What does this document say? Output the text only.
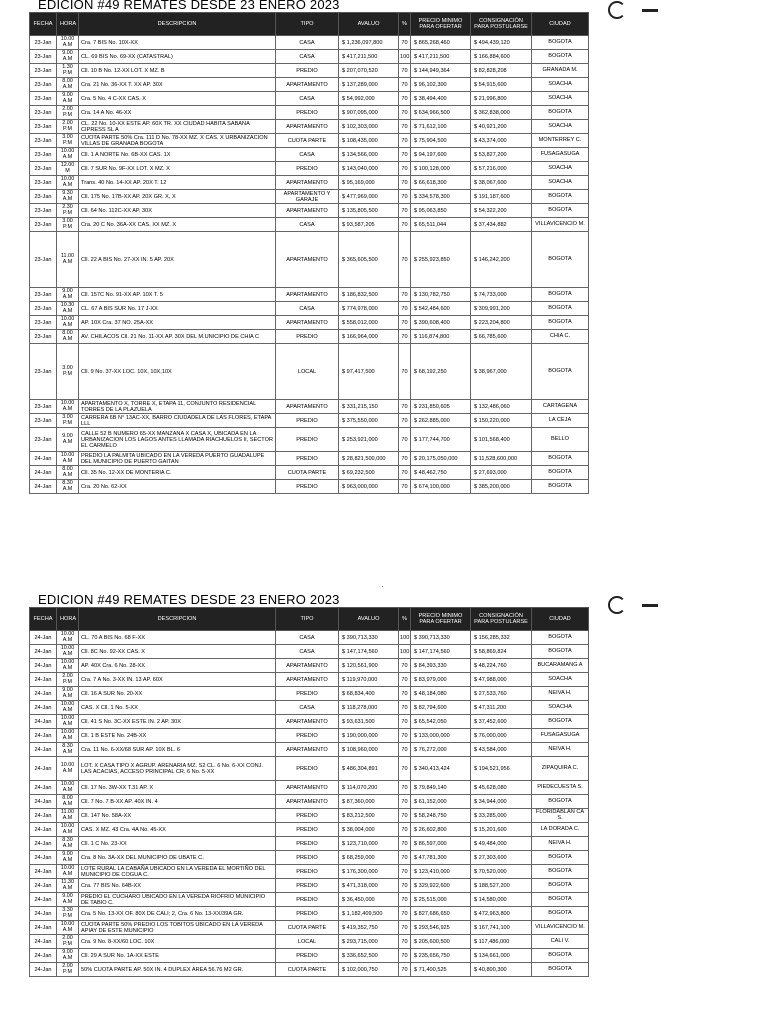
EDICION #49 REMATES DESDE 23 ENERO 2023
FECHA	HORA	DESCRIPCION	TIPO	AVALUO	%	PRECIO MINIMO PARA OFERTAR	CONSIGNACIÓN PARA POSTULARSE	CIUDAD
23-Jan	10.00 A.M	Cra. 7 BIS No. 10X-XX	CASA	$ 1,236,097,800	70	$ 865,268,460	$ 494,439,120	BOGOTA
23-Jan	9.00 A.M	CL. 69 BIS No. 69-XX (CATASTRAL)	CASA	$ 417,211,500	100	$ 417,211,500	$ 166,884,600	BOGOTA
23-Jan	1.30 P.M	Cll. 10 B No. 12-XX LOT. X MZ. B	PREDIO	$ 207,070,520	70	$ 144,949,364	$ 82,828,208	GRANADA M.
23-Jan	8.00 A.M	Cra. 21 No. 36-XX T. XX AP. 30X	APARTAMENTO	$ 137,289,000	70	$ 96,102,300	$ 54,915,600	SOACHA
23-Jan	9.00 A.M	Cra. 5 No. 4 C-XX CAS. X	CASA	$ 54,992,000	70	$ 38,494,400	$ 21,996,800	SOACHA
23-Jan	2.00 P.M	Cra. 14 A No. 46-XX	PREDIO	$ 907,095,000	70	$ 634,966,500	$ 362,838,000	BOGOTA
23-Jan	2.00 P.M	CL. 22 No. 10-XX ESTE AP. 60X TR. XX CIUDAD HABITA SABANA CIPRESS SL A	APARTAMENTO	$ 102,303,000	70	$ 71,612,100	$ 40,921,200	SOACHA
23-Jan	3.00 P.M	CUOTA PARTE 50% Cra. 111 D No. 78-XX MZ. X CAS. X URBANIZACION VILLAS DE GRANADA BOGOTA	CUOTA PARTE	$ 108,435,000	70	$ 75,904,500	$ 43,374,000	MONTERREY C.
23-Jan	10.00 A.M	Cll. 1 A NORTE No. 6B-XX CAS. 1X	CASA	$ 134,566,000	70	$ 94,197,600	$ 53,827,200	FUSAGASUGA
23-Jan	12.00 M	Cll. 7 SUR No. 9F-XX LOT. X MZ. X	PREDIO	$ 143,040,000	70	$ 100,128,000	$ 57,216,000	SOACHA
23-Jan	10.00 A.M	Trans. 40 No. 14-XX AP. 20X T. 12	APARTAMENTO	$ 95,169,000	70	$ 66,618,300	$ 38,067,600	SOACHA
23-Jan	9.30 A.M	Cll. 175 No. 17B-XX AP. 20X GR. X, X	APARTAMENTO Y GARAJE	$ 477,969,000	70	$ 334,578,300	$ 191,187,600	BOGOTA
23-Jan	2.30 P.M	Cll. 64 No. 112C-XX AP. 30X	APARTAMENTO	$ 135,805,500	70	$ 95,063,850	$ 54,322,200	BOGOTA
23-Jan	3.00 P.M	Cra. 20 C No. 36A-XX CAS. XX MZ. X	CASA	$ 93,587,205	70	$ 65,511,044	$ 37,434,882	VILLAVICENCIO M.
23-Jan	11.00 A.M	Cll. 22 A BIS No. 27-XX IN. 5 AP. 20X	APARTAMENTO	$ 365,605,500	70	$ 255,923,850	$ 146,242,200	BOGOTA
23-Jan	9.00 A.M	Cll. 157C No. 91-XX AP. 10X T. 5	APARTAMENTO	$ 186,832,500	70	$ 130,782,750	$ 74,733,000	BOGOTA
23-Jan	10.30 A.M	CL. 67 A BIS SUR No. 17 J-XX	CASA	$ 774,978,000	70	$ 542,484,600	$ 309,991,200	BOGOTA
23-Jan	10.00 A.M	AP. 10X Cra. 37 NO. 25A-XX	APARTAMENTO	$ 558,012,000	70	$ 390,608,400	$ 223,204,800	BOGOTA
23-Jan	8.00 A.M	AV. CHILACOS Cll. 21 No. 11-XX AP. 30X DEL M.UNICIPIO DE CHIA C	PREDIO	$ 166,964,000	70	$ 116,874,800	$ 66,785,600	CHIA C.
23-Jan	3.00 P.M	Cll. 9 No. 37-XX LOC. 10X, 10X,10X	LOCAL	$ 97,417,500	70	$ 68,192,250	$ 38,967,000	BOGOTA
23-Jan	10.00 A.M	APARTAMENTO X, TORRE X, ETAPA 11, CONJUNTO RESIDENCIAL TORRES DE LA PLAZUELA	APARTAMENTO	$ 331,215,150	70	$ 231,850,605	$ 132,486,060	CARTAGENA
23-Jan	3.00 P.M	CARRERA 6B N° 13AC-XX, BARRO CIUDADELA DE LAS FLORES, ETAPA LLL	PREDIO	$ 375,550,000	70	$ 262,885,000	$ 150,220,000	LA CEJA
23-Jan	9.00 A.M	CALLE 52 B NUMERO 65-XX MANZANA X CASA X, UBICADA EN LA URBANIZACION LOS LAGOS ANTES LLAMADA RIACHUELOS II, SECTOR EL CARMELO	PREDIO	$ 253,921,000	70	$ 177,744,700	$ 101,568,400	BELLO
24-Jan	10.00 A.M	PREDIO LA PALMITA UBICADO EN LA VEREDA PUERTO GUADALUPE DEL MUNICIPIO DE PUERTO GAITAN	PREDIO	$ 28,821,500,000	70	$ 20,175,050,000	$ 11,528,600,000	BOGOTA
24-Jan	8.00 A.M	Cll. 35 No. 12-XX DE MONTERIA C.	CUOTA PARTE	$ 69,232,500	70	$ 48,462,750	$ 27,693,000	BOGOTA
24-Jan	8.30 A.M	Cra. 20 No. 62-XX	PREDIO	$ 963,000,000	70	$ 674,100,000	$ 385,200,000	BOGOTA
EDICION #49 REMATES DESDE 23 ENERO 2023
FECHA	HORA	DESCRIPCION	TIPO	AVALUO	%	PRECIO MINIMO PARA OFERTAR	CONSIGNACIÓN PARA POSTULARSE	CIUDAD
24-Jan	10.00 A.M	CL. 70 A BIS No. 68 F-XX	CASA	$ 390,713,330	100	$ 390,713,330	$ 156,285,332	BOGOTA
24-Jan	10.00 A.M	Cll. 8C No. 92-XX CAS. X	CASA	$ 147,174,560	100	$ 147,174,560	$ 58,869,824	BOGOTA
24-Jan	10.00 A.M	AP. 40X Cra. 6 No. 28-XX	APARTAMENTO	$ 120,561,900	70	$ 84,393,330	$ 48,224,760	BUCARAMANG A
24-Jan	2.00 P.M	Cra. 7 A No. 3-XX IN. 13 AP. 60X	APARTAMENTO	$ 119,970,000	70	$ 83,979,000	$ 47,988,000	SOACHA
24-Jan	9.00 A.M	Cll. 16 A SUR No. 20-XX	PREDIO	$ 68,834,400	70	$ 48,184,080	$ 27,533,760	NEIVA H.
24-Jan	10.00 A.M	CAS. X Cll. 1 No. 5-XX	CASA	$ 118,278,000	70	$ 82,794,600	$ 47,311,200	SOACHA
24-Jan	10.00 A.M	Cll. 41 S No. 3C-XX ESTE IN. 2 AP. 30X	APARTAMENTO	$ 93,631,500	70	$ 65,542,050	$ 37,452,600	BOGOTA
24-Jan	10.00 A.M	Cll. 1 B ESTE No. 24B-XX	PREDIO	$ 190,000,000	70	$ 133,000,000	$ 76,000,000	FUSAGASUGA
24-Jan	8.30 A.M	Cra. 11 No. 6-XX/68 SUR AP. 10X BL. 6	APARTAMENTO	$ 108,960,000	70	$ 76,272,000	$ 43,584,000	NEIVA H.
24-Jan	10.00 A.M	LOT. X CASA TIPO X AGRUP. ARENARIA MZ. S2 CL. 6 No. 6-XX CONJ. LAS ACACIAS, ACCESO PRINCIPAL CR. 6 No. 5-XX	PREDIO	$ 486,304,891	70	$ 340,413,424	$ 194,521,956	ZIPAQUIRA C.
24-Jan	10.00 A.M	Cll. 17 No. 3W-XX T.31 AP. X	APARTAMENTO	$ 114,070,200	70	$ 79,849,140	$ 45,628,080	PIEDECUESTA S.
24-Jan	8.00 A.M	Cll. 7 No. 7 B-XX AP. 40X IN. 4	APARTAMENTO	$ 87,360,000	70	$ 61,152,000	$ 34,944,000	BOGOTA
24-Jan	11.00 A.M	Cll. 147 No. 58A-XX	PREDIO	$ 83,212,500	70	$ 58,248,750	$ 33,285,000	FLORIDABLAN CA S.
24-Jan	10.00 A.M	CAS. X MZ. 43 Cra. 4A No. 45-XX	PREDIO	$ 38,004,000	70	$ 26,602,800	$ 15,201,600	LA DORADA C.
24-Jan	8.30 A.M	Cll. 1 C No. 23-XX	PREDIO	$ 123,710,000	70	$ 86,597,000	$ 49,484,000	NEIVA H.
24-Jan	9.00 A.M	Cra. 8 No. 3A-XX DEL MUNICIPIO DE UBATE C.	PREDIO	$ 68,259,000	70	$ 47,781,300	$ 27,303,600	BOGOTA
24-Jan	10.00 A.M	LOTE RURAL LA CABAÑA UBICADO EN LA VEREDA EL MORTIÑO DEL MUNICIPIO DE COGUA C.	PREDIO	$ 176,300,000	70	$ 123,410,000	$ 70,520,000	BOGOTA
24-Jan	11.30 A.M	Cra. 77 BIS No. 64B-XX	PREDIO	$ 471,318,000	70	$ 329,922,600	$ 188,527,200	BOGOTA
24-Jan	9.00 A.M	PREDIO EL CUCHARO UBICADO EN LA VEREDA RIOFRIO MUNICIPIO DE TABIO C.	PREDIO	$ 36,450,000	70	$ 25,515,000	$ 14,580,000	BOGOTA
24-Jan	3.30 P.M	Cra. 5 No. 13-XX OF. 80X DE CALI; 2, Cra. 6 No. 13-XX/39A GR.	PREDIO	$ 1,182,409,500	70	$ 827,686,650	$ 472,963,800	BOGOTA
24-Jan	10.00 A.M	CUOTA PARTE 50% PREDIO LOS TOBITOS UBICADO EN LA VEREDA APIAY DE ESTE MUNICIPIO	CUOTA PARTE	$ 419,352,750	70	$ 293,546,925	$ 167,741,100	VILLAVICENCIO M.
24-Jan	2.00 P.M	Cra. 9 No. 8-XX/60 LOC. 10X	LOCAL	$ 293,715,000	70	$ 205,600,500	$ 117,486,000	CALI V.
24-Jan	9.00 A.M	Cll. 29 A SUR No. 1A-XX ESTE	PREDIO	$ 336,652,500	70	$ 235,656,750	$ 134,661,000	BOGOTA
24-Jan	2.00 P.M	50% CUOTA PARTE AP. 50X IN. 4 DUPLEX AREA 56.76 M2 GR.	CUOTA PARTE	$ 102,000,750	70	$ 71,400,525	$ 40,800,300	BOGOTA
